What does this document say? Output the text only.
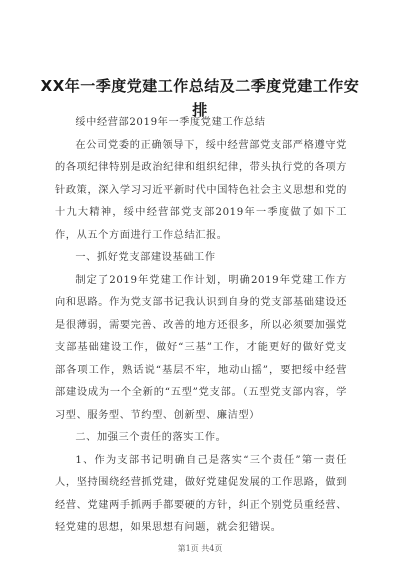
XX年一季度党建工作总结及二季度党建工作安排

绥中经营部2019年一季度党建工作总结

在公司党委的正确领导下，绥中经营部党支部严格遵守党的各项纪律特别是政治纪律和组织纪律，带头执行党的各项方针政策，深入学习习近平新时代中国特色社会主义思想和党的十九大精神，绥中经营部党支部2019年一季度做了如下工作，从五个方面进行工作总结汇报。

一、抓好党支部建设基础工作

制定了2019年党建工作计划，明确2019年党建工作方向和思路。作为党支部书记我认识到自身的党支部基础建设还是很薄弱，需要完善、改善的地方还很多，所以必须要加强党支部基础建设工作，做好“三基”工作，才能更好的做好党支部各项工作，熟话说“基层不牢，地动山摇”，要把绥中经营部建设成为一个全新的“五型”党支部。（五型党支部内容，学习型、服务型、节约型、创新型、廉洁型）

二、加强三个责任的落实工作。

1、作为支部书记明确自己是落实“三个责任”第一责任人，坚持围绕经营抓党建，做好党建促发展的工作思路，做到经营、党建两手抓两手都要硬的方针，纠正个别党员重经营、轻党建的思想，如果思想有问题，就会犯错误。

第1页 共4页
